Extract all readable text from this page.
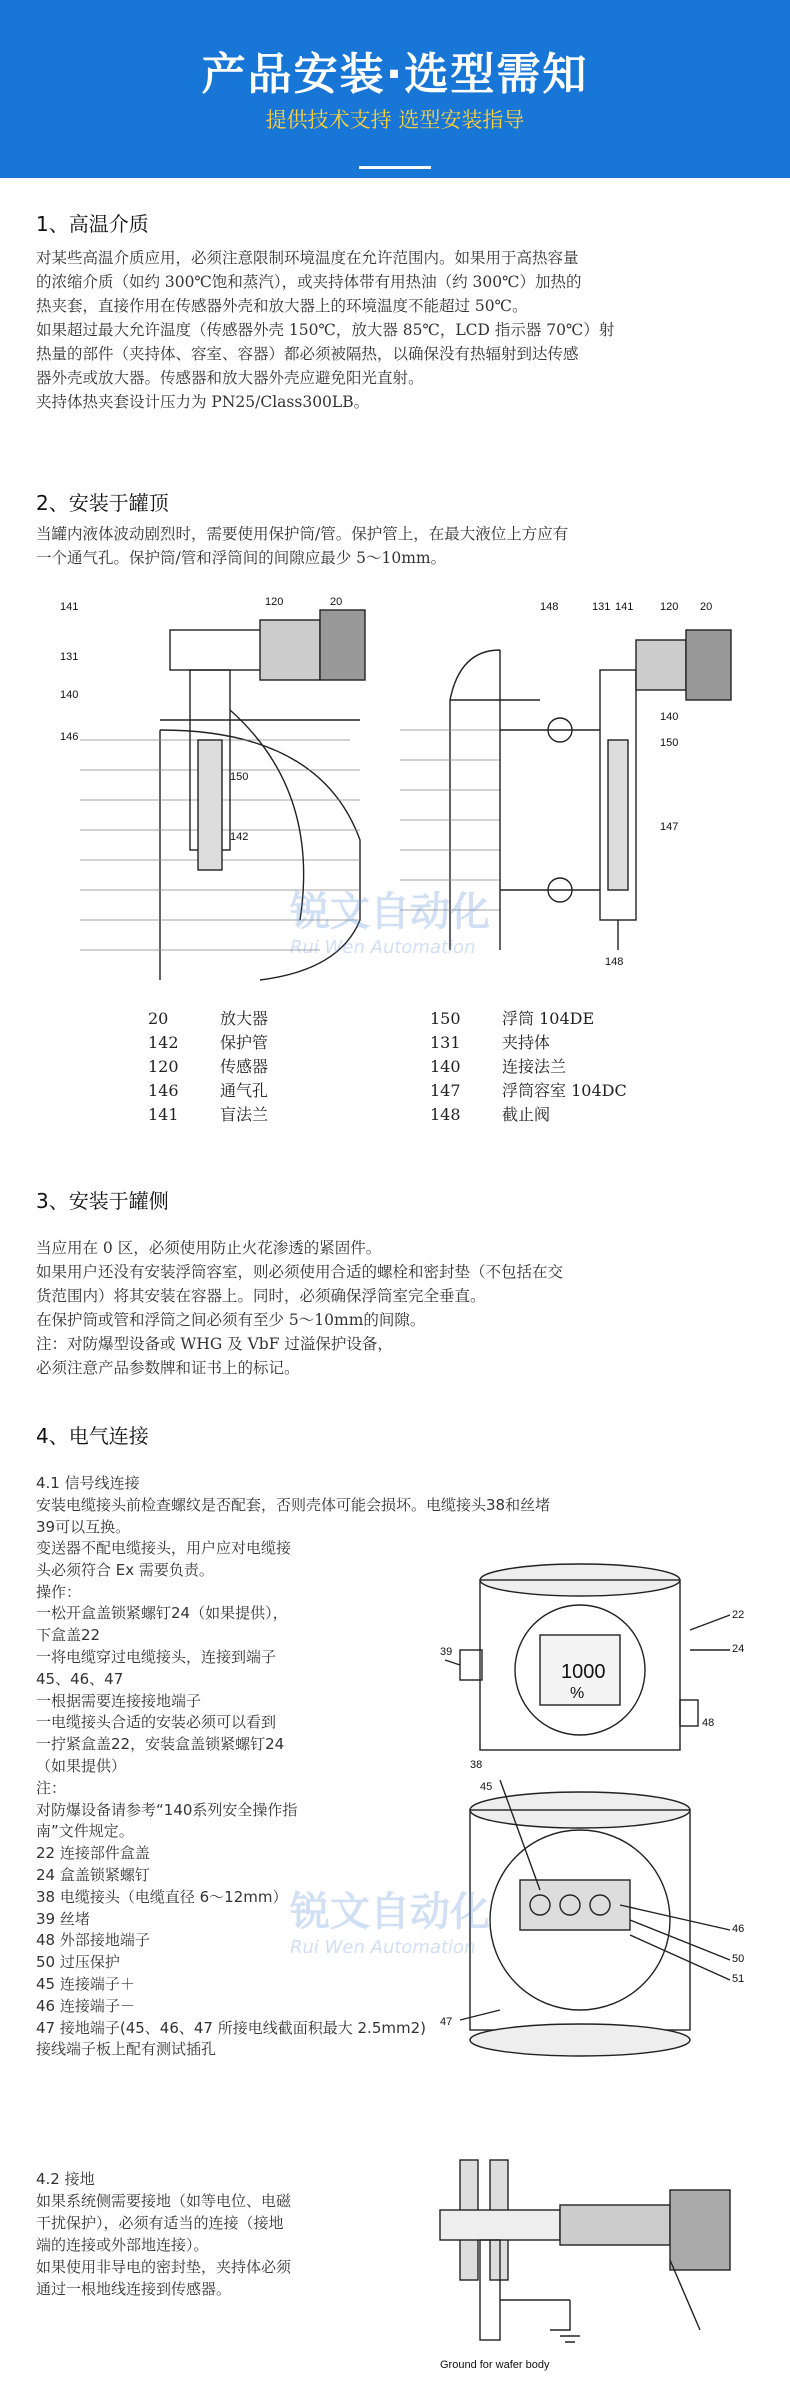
产品安装·选型需知
提供技术支持 选型安装指导
1、高温介质
对某些高温介质应用，必须注意限制环境温度在允许范围内。如果用于高热容量
的浓缩介质（如约 300℃饱和蒸汽），或夹持体带有用热油（约 300℃）加热的
热夹套，直接作用在传感器外壳和放大器上的环境温度不能超过 50℃。
如果超过最大允许温度（传感器外壳 150℃，放大器 85℃，LCD 指示器 70℃）射
热量的部件（夹持体、容室、容器）都必须被隔热，以确保没有热辐射到达传感
器外壳或放大器。传感器和放大器外壳应避免阳光直射。
夹持体热夹套设计压力为 PN25/Class300LB。
2、安装于罐顶
当罐内液体波动剧烈时，需要使用保护筒/管。保护管上，在最大液位上方应有
一个通气孔。保护筒/管和浮筒间的间隙应最少 5～10mm。
141
131
140
146
150
142
120	20	148	131 141 120 20
140
150
147
148
锐文自动化
Rui Wen Automation
20	放大器	150	浮筒 104DE
142	保护管	131	夹持体
120	传感器	140	连接法兰
146	通气孔	147	浮筒容室 104DC
141	盲法兰	148	截止阀
3、安装于罐侧
当应用在 0 区，必须使用防止火花渗透的紧固件。
如果用户还没有安装浮筒容室，则必须使用合适的螺栓和密封垫（不包括在交
货范围内）将其安装在容器上。同时，必须确保浮筒室完全垂直。
在保护筒或管和浮筒之间必须有至少 5～10mm的间隙。
注：对防爆型设备或 WHG 及 VbF 过溢保护设备，
必须注意产品参数牌和证书上的标记。
4、电气连接
4.1 信号线连接
安装电缆接头前检查螺纹是否配套，否则壳体可能会损坏。电缆接头38和丝堵
39可以互换。
变送器不配电缆接头，用户应对电缆接
头必须符合 Ex 需要负责。
操作：
一松开盒盖锁紧螺钉24（如果提供），
下盒盖22
一将电缆穿过电缆接头，连接到端子
45、46、47
一根据需要连接接地端子
一电缆接头合适的安装必须可以看到
一拧紧盒盖22，安装盒盖锁紧螺钉24
（如果提供）
注：
对防爆设备请参考“140系列安全操作指
南”文件规定。
22 连接部件盒盖
24 盒盖锁紧螺钉
38 电缆接头（电缆直径 6～12mm）
39 丝堵
48 外部接地端子
50 过压保护
45 连接端子＋
46 连接端子－
47 接地端子(45、46、47 所接电线截面积最大 2.5mm2)
接线端子板上配有测试插孔
1000
%
22
24
39
38
48
45
46
50
51
47
锐文自动化
Rui Wen Automation
4.2 接地
如果系统侧需要接地（如等电位、电磁
干扰保护），必须有适当的连接（接地
端的连接或外部地连接）。
如果使用非导电的密封垫，夹持体必须
通过一根地线连接到传感器。
Ground for wafer body
